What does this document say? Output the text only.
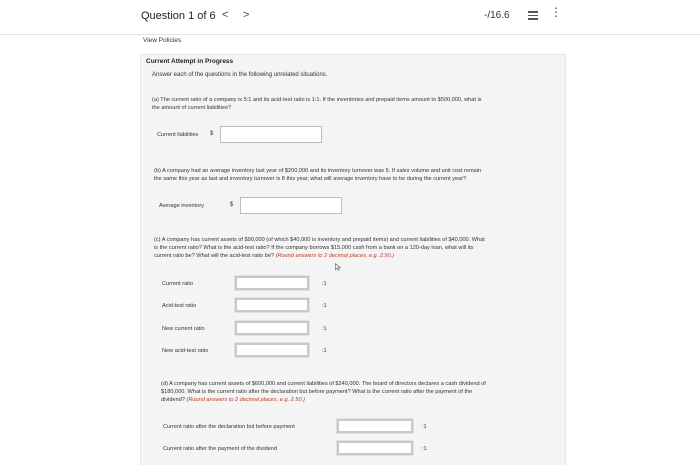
Question 1 of 6 < >	-/16.6	⋮
View Policies
Current Attempt in Progress
Answer each of the questions in the following unrelated situations.
(a) The current ratio of a company is 5:1 and its acid-test ratio is 1:1. If the inventories and prepaid items amount to $500,000, what is
the amount of current liabilities?
Current liabilities $
(b) A company had an average inventory last year of $200,000 and its inventory turnover was 5. If sales volume and unit cost remain
the same this year as last and inventory turnover is 8 this year, what will average inventory have to be during the current year?
Average inventory	$
(c) A company has current assets of $90,000 (of which $40,000 is inventory and prepaid items) and current liabilities of $40,000. What
is the current ratio? What is the acid-test ratio? If the company borrows $15,000 cash from a bank on a 120-day loan, what will its
current ratio be? What will the acid-test ratio be? (Round answers to 2 decimal places, e.g. 2.50.)
Current ratio	:1
Acid-test ratio	:1
New current ratio	:1
New acid-test ratio	:1
(d) A company has current assets of $600,000 and current liabilities of $240,000. The board of directors declares a cash dividend of
$180,000. What is the current ratio after the declaration but before payment? What is the current ratio after the payment of the
dividend? (Round answers to 2 decimal places, e.g. 2.50.)
Current ratio after the declaration but before payment	:1
Current ratio after the payment of the dividend	:1
